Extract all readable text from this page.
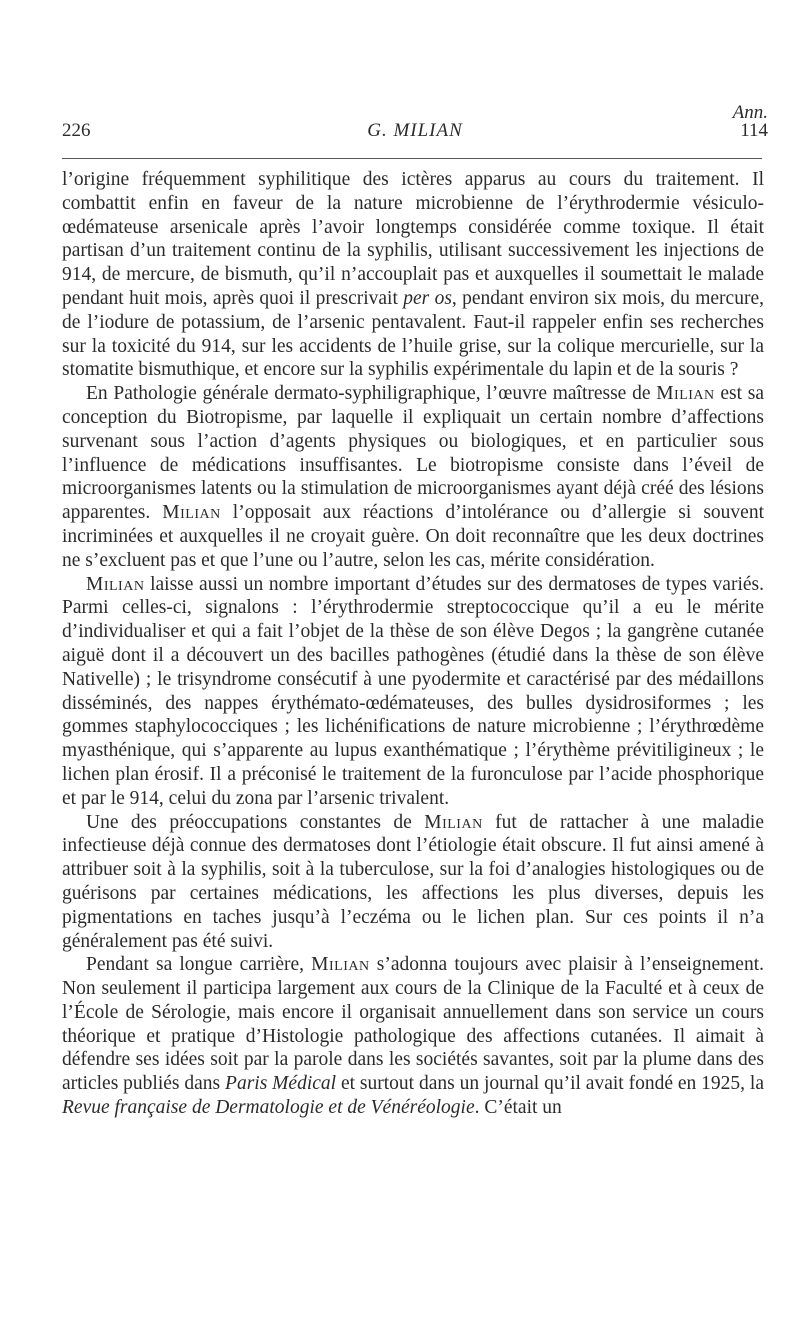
Ann.
226	G. MILIAN	114

l’origine fréquemment syphilitique des ictères apparus au cours du traitement. Il combattit enfin en faveur de la nature microbienne de l’érythrodermie vésiculo-œdémateuse arsenicale après l’avoir longtemps considérée comme toxique. Il était partisan d’un traitement continu de la syphilis, utilisant successivement les injections de 914, de mercure, de bismuth, qu’il n’accouplait pas et auxquelles il soumettait le malade pendant huit mois, après quoi il prescrivait per os, pendant environ six mois, du mercure, de l’iodure de potassium, de l’arsenic pentavalent. Faut-il rappeler enfin ses recherches sur la toxicité du 914, sur les accidents de l’huile grise, sur la colique mercurielle, sur la stomatite bismuthique, et encore sur la syphilis expérimentale du lapin et de la souris ?

En Pathologie générale dermato-syphiligraphique, l’œuvre maîtresse de Milian est sa conception du Biotropisme, par laquelle il expliquait un certain nombre d’affections survenant sous l’action d’agents physiques ou biologiques, et en particulier sous l’influence de médications insuffisantes. Le biotropisme consiste dans l’éveil de microorganismes latents ou la stimulation de microorganismes ayant déjà créé des lésions apparentes. Milian l’opposait aux réactions d’intolérance ou d’allergie si souvent incriminées et auxquelles il ne croyait guère. On doit reconnaître que les deux doctrines ne s’excluent pas et que l’une ou l’autre, selon les cas, mérite considération.

Milian laisse aussi un nombre important d’études sur des dermatoses de types variés. Parmi celles-ci, signalons : l’érythrodermie streptococcique qu’il a eu le mérite d’individualiser et qui a fait l’objet de la thèse de son élève Degos ; la gangrène cutanée aiguë dont il a découvert un des bacilles pathogènes (étudié dans la thèse de son élève Nativelle) ; le trisyndrome consécutif à une pyodermite et caractérisé par des médaillons disséminés, des nappes érythémato-œdémateuses, des bulles dysidrosiformes ; les gommes staphylococciques ; les lichénifications de nature microbienne ; l’érythrœdème myasthénique, qui s’apparente au lupus exanthématique ; l’érythème prévitiligineux ; le lichen plan érosif. Il a préconisé le traitement de la furonculose par l’acide phosphorique et par le 914, celui du zona par l’arsenic trivalent.

Une des préoccupations constantes de Milian fut de rattacher à une maladie infectieuse déjà connue des dermatoses dont l’étiologie était obscure. Il fut ainsi amené à attribuer soit à la syphilis, soit à la tuberculose, sur la foi d’analogies histologiques ou de guérisons par certaines médications, les affections les plus diverses, depuis les pigmentations en taches jusqu’à l’eczéma ou le lichen plan. Sur ces points il n’a généralement pas été suivi.

Pendant sa longue carrière, Milian s’adonna toujours avec plaisir à l’enseignement. Non seulement il participa largement aux cours de la Clinique de la Faculté et à ceux de l’École de Sérologie, mais encore il organisait annuellement dans son service un cours théorique et pratique d’Histologie pathologique des affections cutanées. Il aimait à défendre ses idées soit par la parole dans les sociétés savantes, soit par la plume dans des articles publiés dans Paris Médical et surtout dans un journal qu’il avait fondé en 1925, la Revue française de Dermatologie et de Vénéréologie. C’était un
